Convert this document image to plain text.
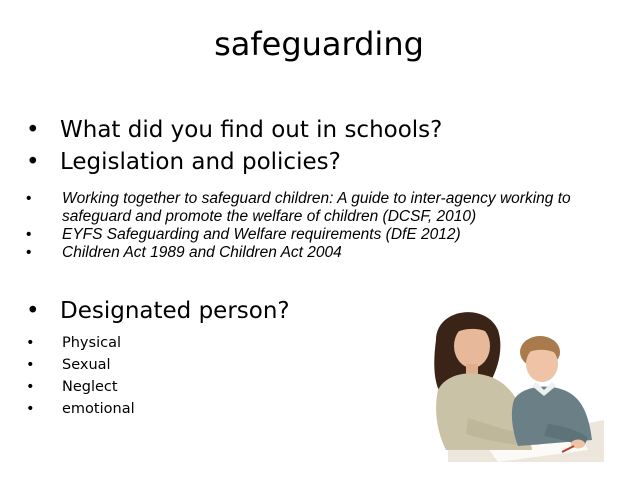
safeguarding
• What did you find out in schools?
• Legislation and policies?
• Working together to safeguard children: A guide to inter-agency working to safeguard and promote the welfare of children (DCSF, 2010)
• EYFS Safeguarding and Welfare requirements (DfE 2012)
• Children Act 1989 and Children Act 2004
• Designated person?
• Physical
• Sexual
• Neglect
• emotional
